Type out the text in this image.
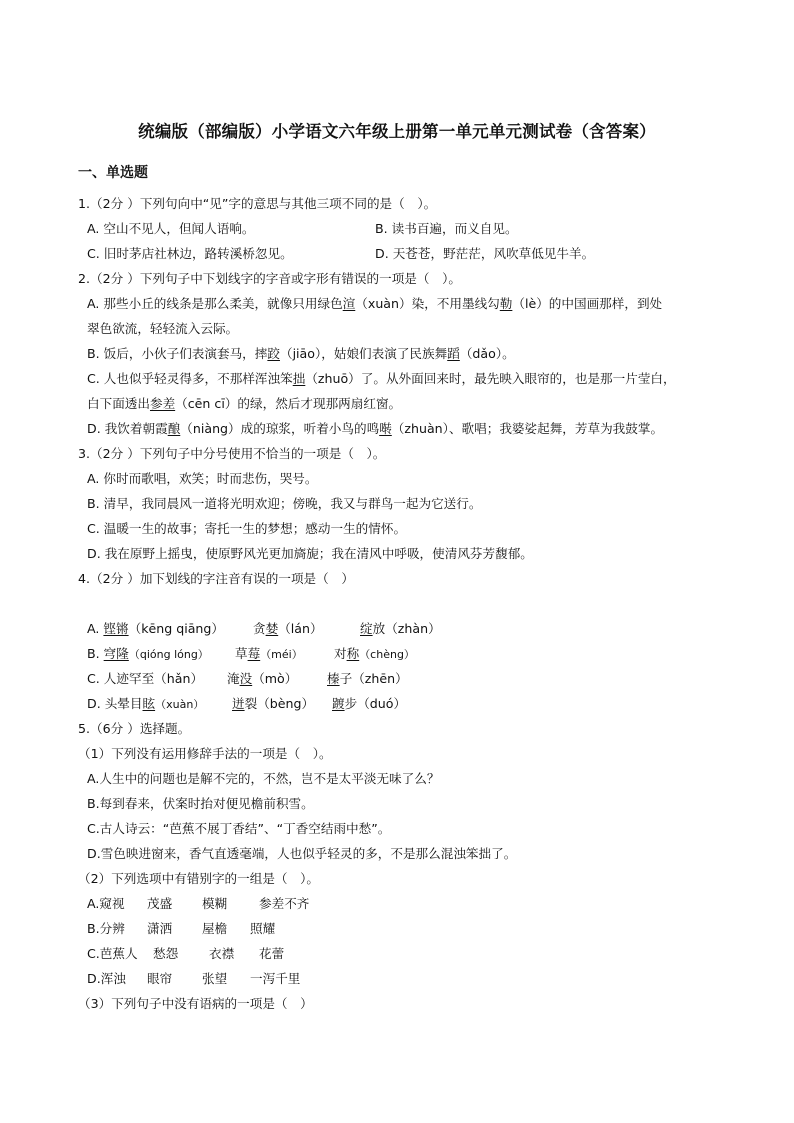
统编版（部编版）小学语文六年级上册第一单元单元测试卷（含答案）
一、单选题
1.（2分 ）下列句向中“见”字的意思与其他三项不同的是（　）。
A. 空山不见人，但闻人语响。	B. 读书百遍，而义自见。
C. 旧时茅店社林边，路转溪桥忽见。	D. 天苍苍，野茫茫，风吹草低见牛羊。
2.（2分 ）下列句子中下划线字的字音或字形有错误的一项是（　）。
A. 那些小丘的线条是那么柔美，就像只用绿色渲（xuàn）染，不用墨线勾勒（lè）的中国画那样，到处
翠色欲流，轻轻流入云际。
B. 饭后，小伙子们表演套马，摔跤（jiāo），姑娘们表演了民族舞蹈（dǎo）。
C. 人也似乎轻灵得多，不那样浑浊笨拙（zhuō）了。从外面回来时，最先映入眼帘的，也是那一片莹白，
白下面透出参差（cēn cī）的绿，然后才现那两扇红窗。
D. 我饮着朝霞酿（niàng）成的琼浆，听着小鸟的鸣啭（zhuàn）、歌唱；我婆娑起舞，芳草为我鼓掌。
3.（2分 ）下列句子中分号使用不恰当的一项是（　）。
A. 你时而歌唱，欢笑；时而悲伤，哭号。
B. 清早，我同晨风一道将光明欢迎；傍晚，我又与群鸟一起为它送行。
C. 温暖一生的故事；寄托一生的梦想；感动一生的情怀。
D. 我在原野上摇曳，使原野风光更加旖旎；我在清风中呼吸，使清风芬芳馥郁。
4.（2分 ）加下划线的字注音有误的一项是（　）
A. 铿锵（kēng qiāng） 贪婪（lán）	绽放（zhàn）
B. 穹隆（qióng lóng） 草莓（méi） 对称（chèng）
C. 人迹罕至（hǎn） 淹没（mò） 榛子（zhēn）
D. 头晕目眩（xuàn） 迸裂（bèng） 踱步（duó）
5.（6分 ）选择题。
（1）下列没有运用修辞手法的一项是（　）。
A.人生中的问题也是解不完的，不然，岂不是太平淡无味了么？
B.每到春来，伏案时抬对便见檐前积雪。
C.古人诗云：“芭蕉不展丁香结”、“丁香空结雨中愁”。
D.雪色映进窗来，香气直透毫端，人也似乎轻灵的多，不是那么混浊笨拙了。
（2）下列选项中有错别字的一组是（　）。
A.窥视 茂盛 模糊	参差不齐
B.分辨 潇洒 屋檐 照耀
C.芭蕉人 愁怨 衣襟 花蕾
D.浑浊 眼帘 张望 一泻千里
（3）下列句子中没有语病的一项是（　）
